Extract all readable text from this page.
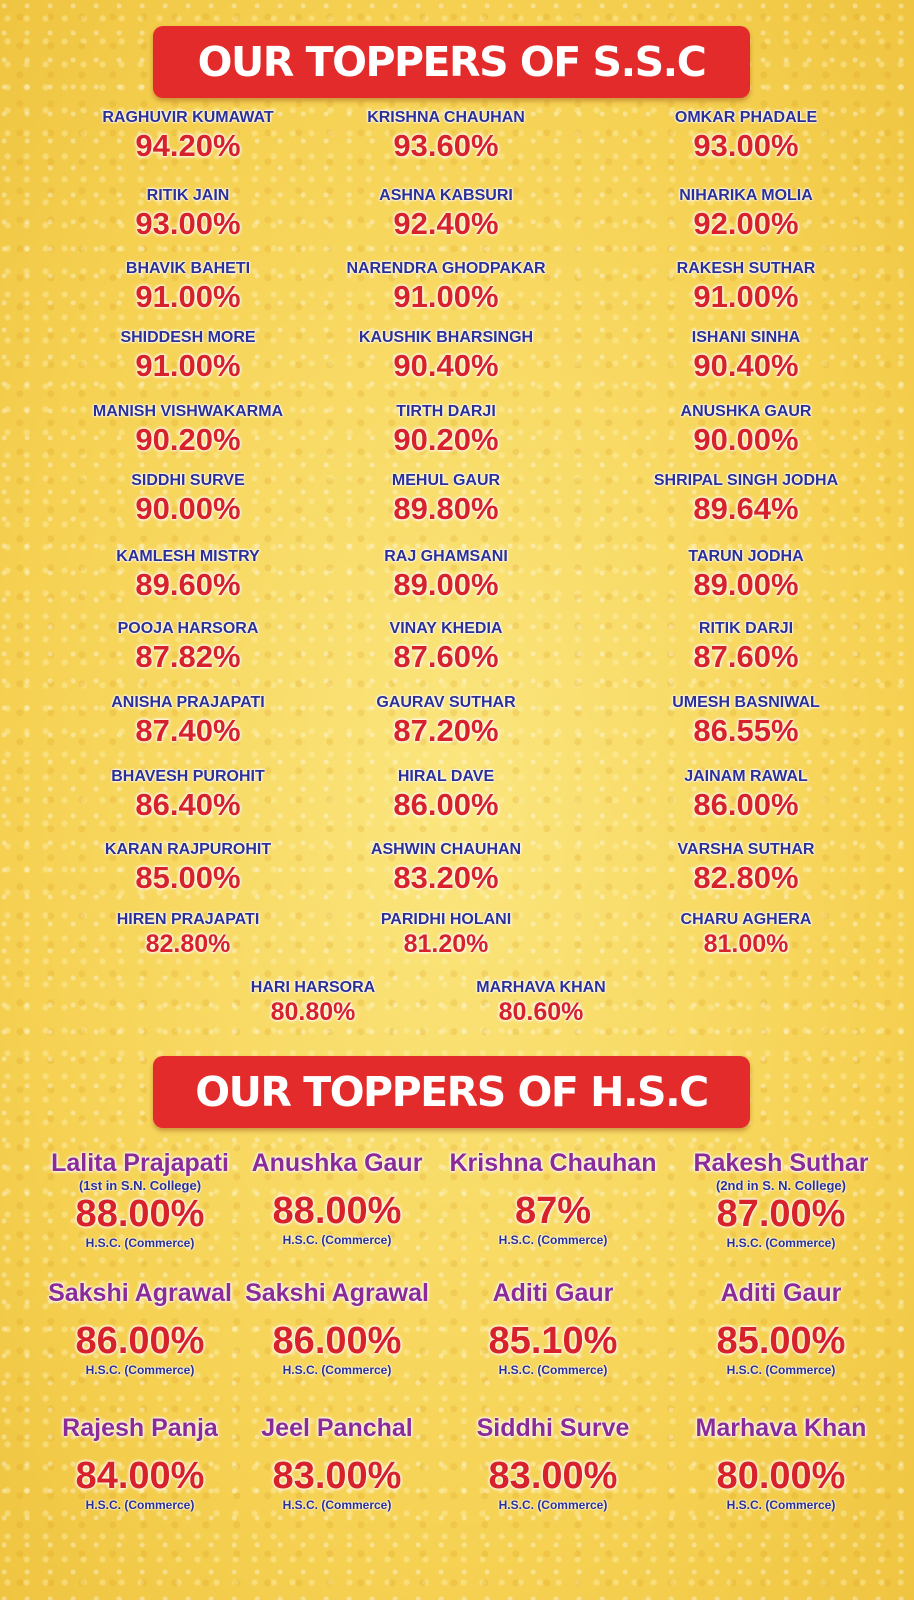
OUR TOPPERS OF S.S.C
RAGHUVIR KUMAWAT
94.20%
KRISHNA CHAUHAN
93.60%
OMKAR PHADALE
93.00%
RITIK JAIN
93.00%
ASHNA KABSURI
92.40%
NIHARIKA MOLIA
92.00%
BHAVIK BAHETI
91.00%
NARENDRA GHODPAKAR
91.00%
RAKESH SUTHAR
91.00%
SHIDDESH MORE
91.00%
KAUSHIK BHARSINGH
90.40%
ISHANI SINHA
90.40%
MANISH VISHWAKARMA
90.20%
TIRTH DARJI
90.20%
ANUSHKA GAUR
90.00%
SIDDHI SURVE
90.00%
MEHUL GAUR
89.80%
SHRIPAL SINGH JODHA
89.64%
KAMLESH MISTRY
89.60%
RAJ GHAMSANI
89.00%
TARUN JODHA
89.00%
POOJA HARSORA
87.82%
VINAY KHEDIA
87.60%
RITIK DARJI
87.60%
ANISHA PRAJAPATI
87.40%
GAURAV SUTHAR
87.20%
UMESH BASNIWAL
86.55%
BHAVESH PUROHIT
86.40%
HIRAL DAVE
86.00%
JAINAM RAWAL
86.00%
KARAN RAJPUROHIT
85.00%
ASHWIN CHAUHAN
83.20%
VARSHA SUTHAR
82.80%
HIREN PRAJAPATI
82.80%
PARIDHI HOLANI
81.20%
CHARU AGHERA
81.00%
HARI HARSORA
80.80%
MARHAVA KHAN
80.60%
OUR TOPPERS OF H.S.C
Lalita Prajapati
(1st in S.N. College)
88.00%
H.S.C. (Commerce)
Anushka Gaur
88.00%
H.S.C. (Commerce)
Krishna Chauhan
87%
H.S.C. (Commerce)
Rakesh Suthar
(2nd in S. N. College)
87.00%
H.S.C. (Commerce)
Sakshi Agrawal
86.00%
H.S.C. (Commerce)
Sakshi Agrawal
86.00%
H.S.C. (Commerce)
Aditi Gaur
85.10%
H.S.C. (Commerce)
Aditi Gaur
85.00%
H.S.C. (Commerce)
Rajesh Panja
84.00%
H.S.C. (Commerce)
Jeel Panchal
83.00%
H.S.C. (Commerce)
Siddhi Surve
83.00%
H.S.C. (Commerce)
Marhava Khan
80.00%
H.S.C. (Commerce)
